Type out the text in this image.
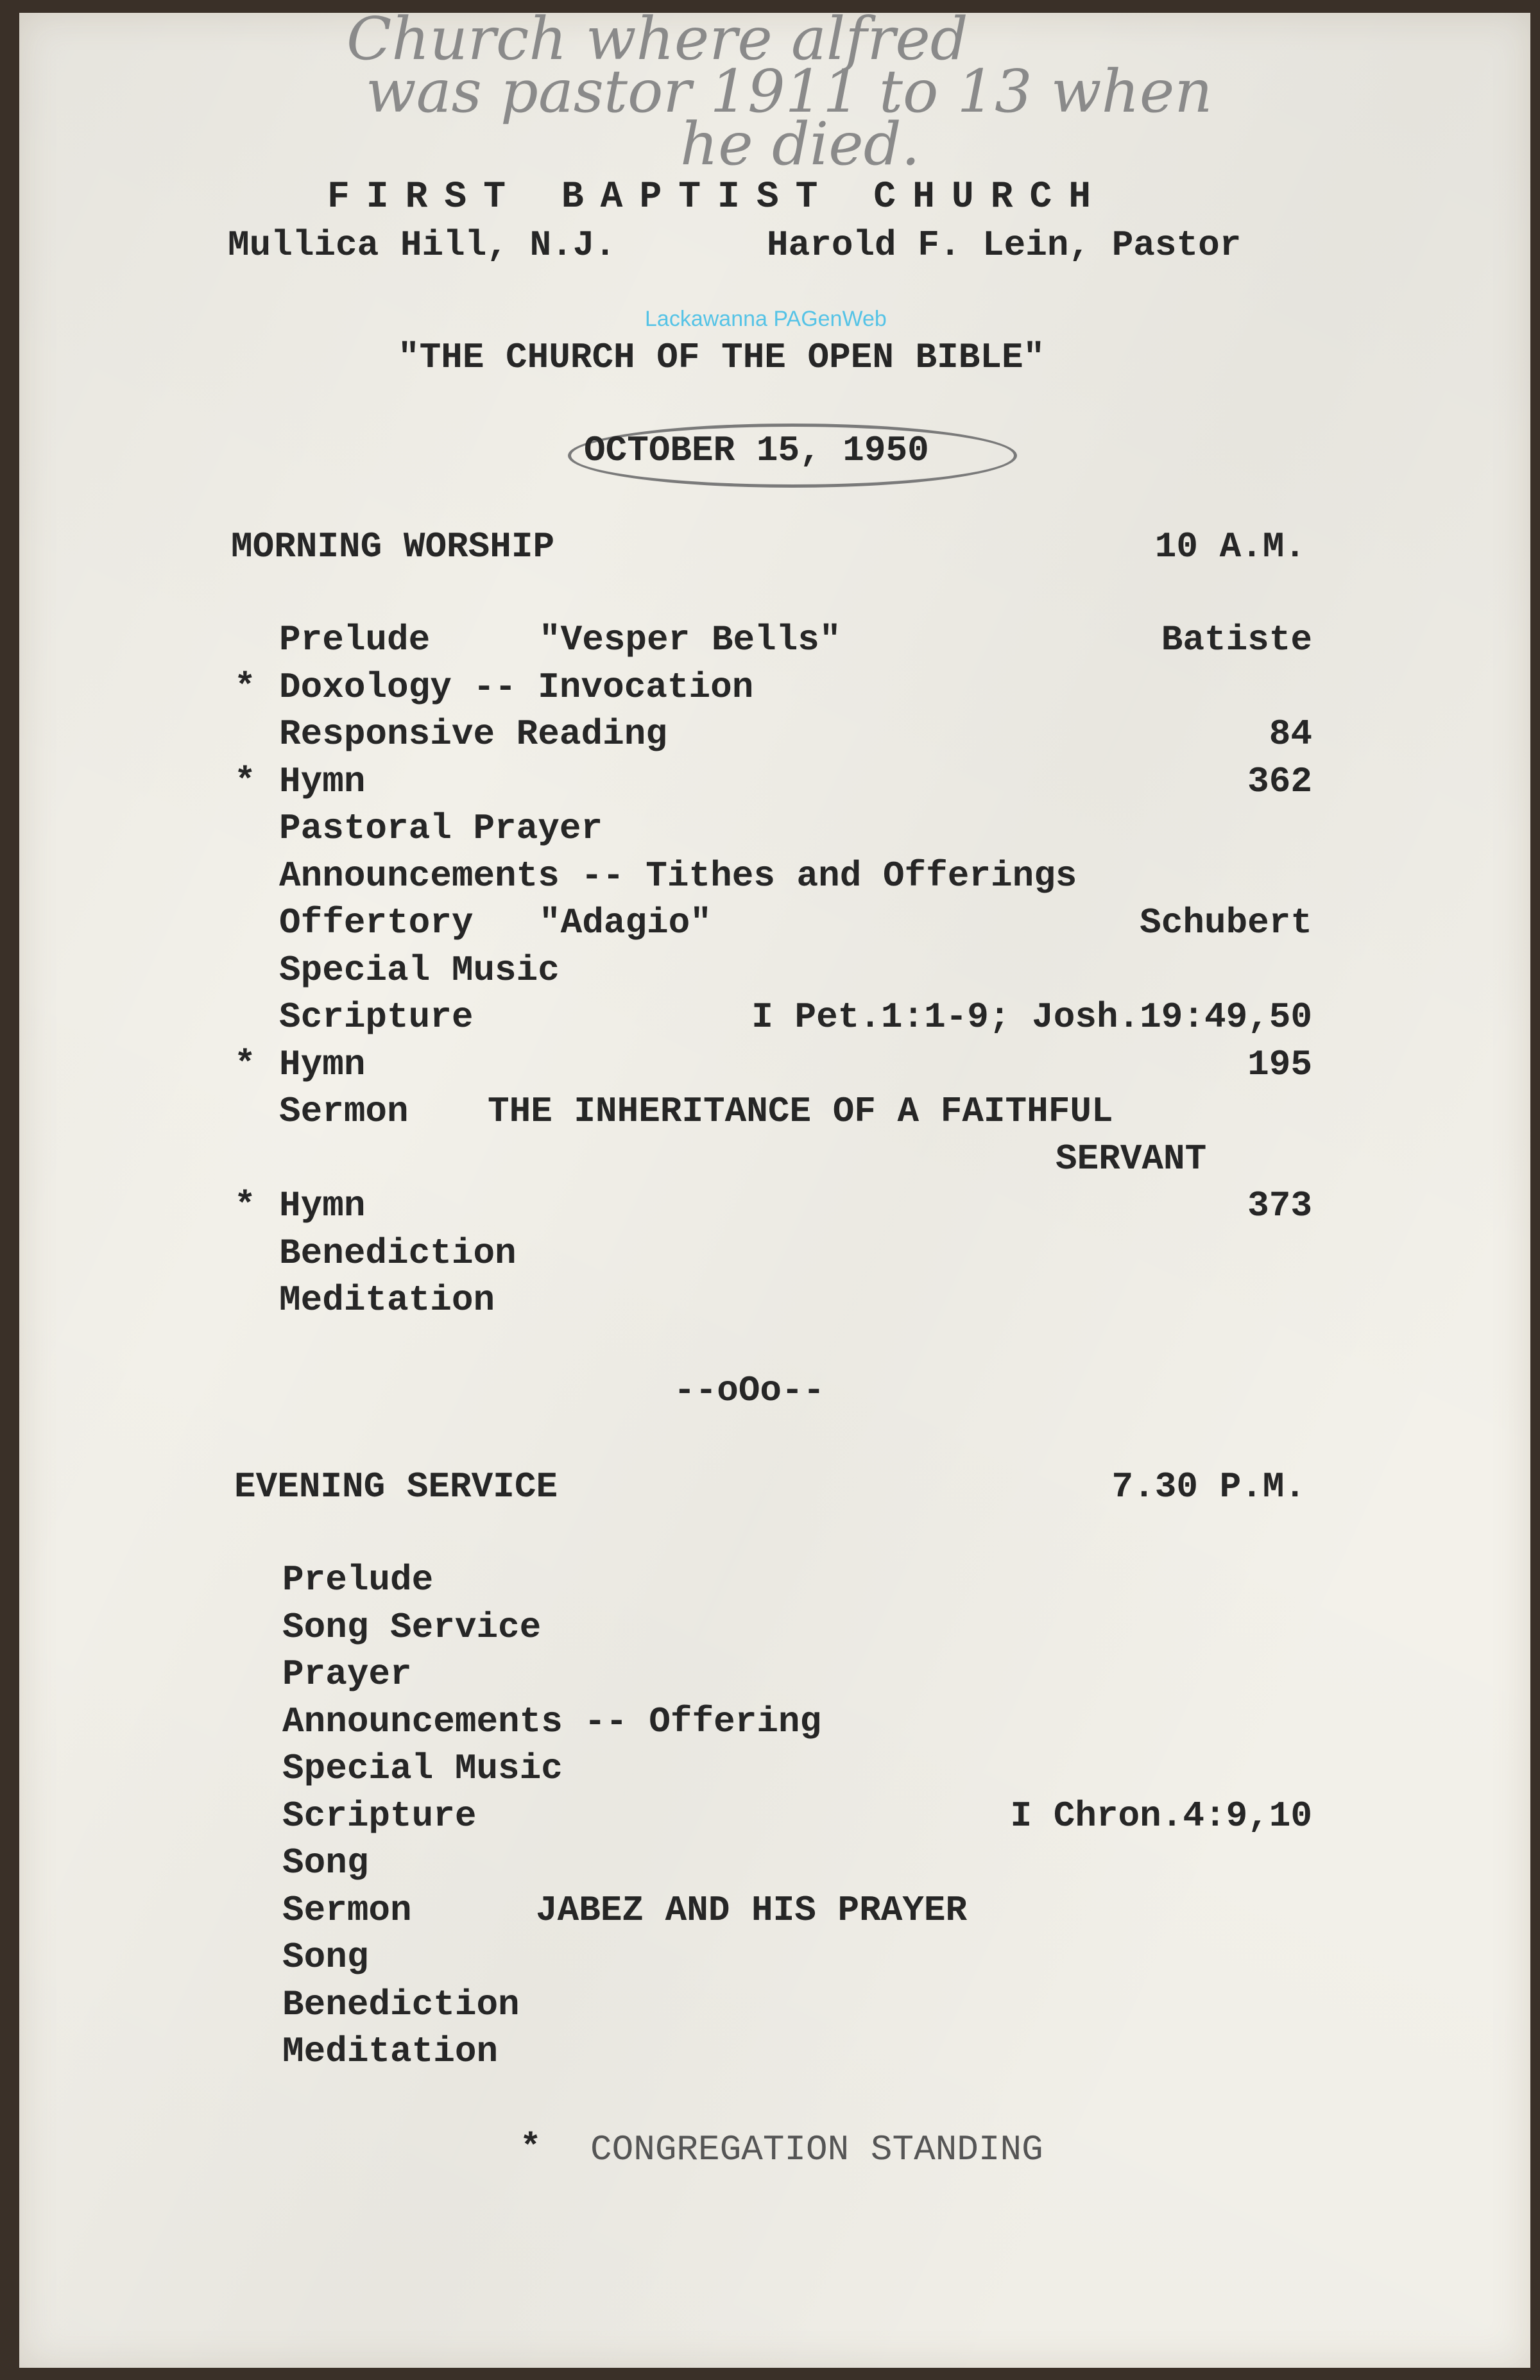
Church where alfred
was pastor 1911 to 13 when
he died.
FIRST BAPTIST CHURCH
Mullica Hill, N.J.	Harold F. Lein, Pastor
Lackawanna PAGenWeb
"THE CHURCH OF THE OPEN BIBLE"
OCTOBER 15, 1950
MORNING WORSHIP	10 A.M.
Prelude	"Vesper Bells"	Batiste
* Doxology -- Invocation
Responsive Reading	84
* Hymn	362
Pastoral Prayer
Announcements -- Tithes and Offerings
Offertory "Adagio"	Schubert
Special Music
Scripture	I Pet.1:1-9; Josh.19:49,50
* Hymn	195
Sermon THE INHERITANCE OF A FAITHFUL
SERVANT
* Hymn	373
Benediction
Meditation
--oOo--
EVENING SERVICE	7.30 P.M.
Prelude
Song Service
Prayer
Announcements -- Offering
Special Music
Scripture	I Chron.4:9,10
Song
Sermon	JABEZ AND HIS PRAYER
Song
Benediction
Meditation
* CONGREGATION STANDING
